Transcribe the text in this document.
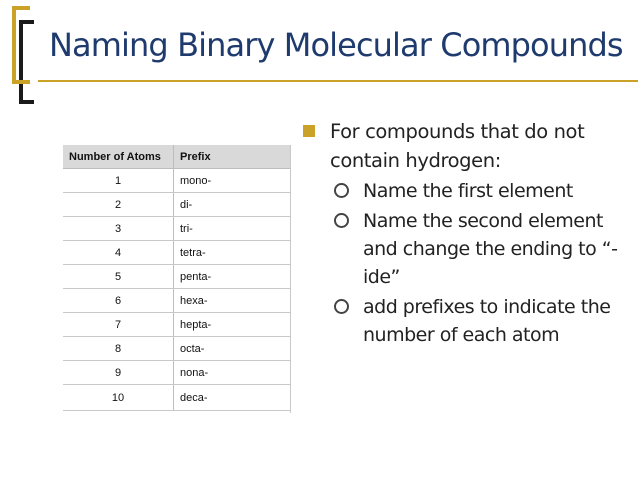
Naming Binary Molecular Compounds
Number of Atoms	Prefix
1	mono-
2	di-
3	tri-
4	tetra-
5	penta-
6	hexa-
7	hepta-
8	octa-
9	nona-
10	deca-
For compounds that do not contain hydrogen:
Name the first element
Name the second element and change the ending to “-ide”
add prefixes to indicate the number of each atom
